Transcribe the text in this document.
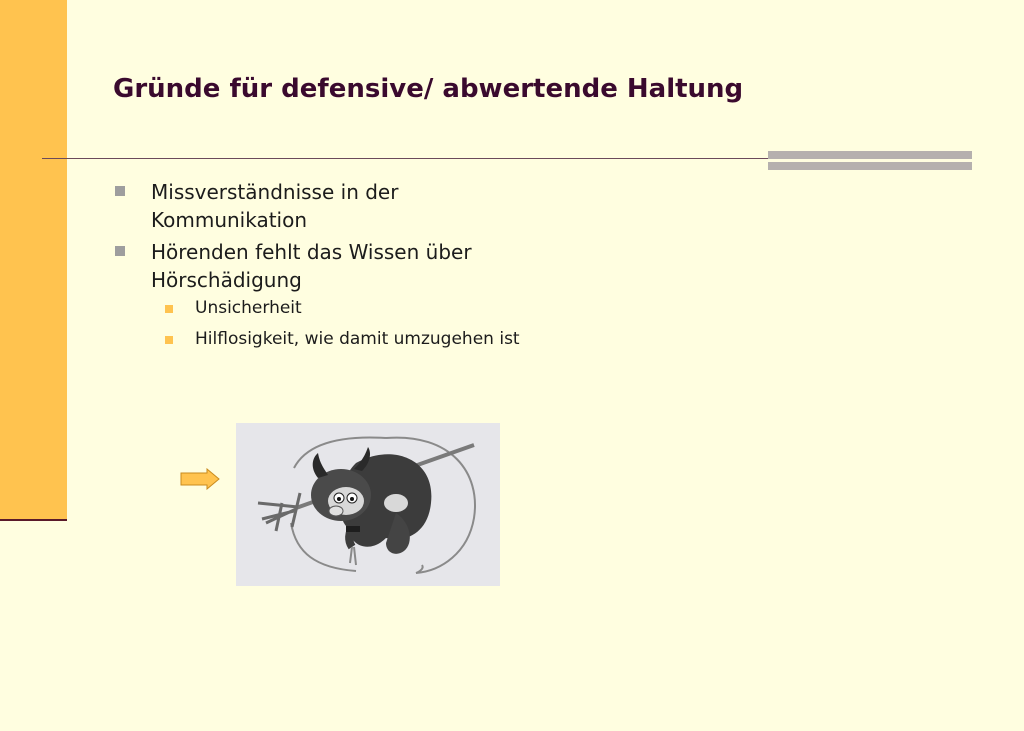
Gründe für defensive/ abwertende Haltung
Missverständnisse in der Kommunikation
Hörenden fehlt das Wissen über Hörschädigung
Unsicherheit
Hilflosigkeit, wie damit umzugehen ist
